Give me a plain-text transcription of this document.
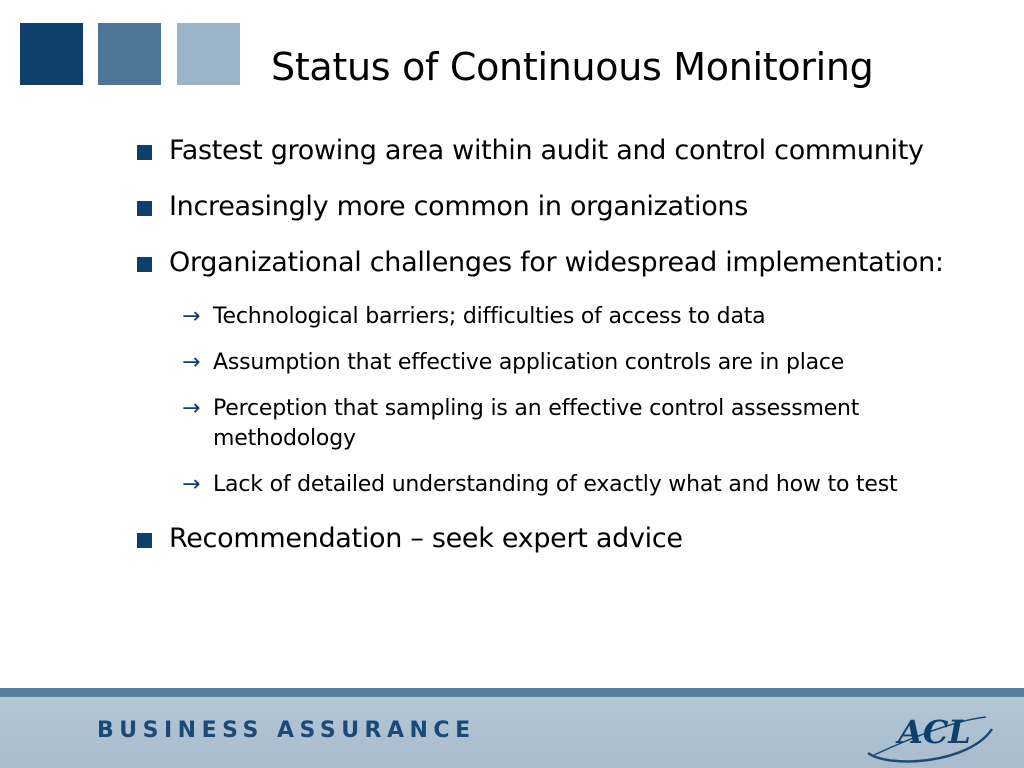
Status of Continuous Monitoring
Fastest growing area within audit and control community
Increasingly more common in organizations
Organizational challenges for widespread implementation:
→ Technological barriers; difficulties of access to data
→ Assumption that effective application controls are in place
→ Perception that sampling is an effective control assessment methodology
→ Lack of detailed understanding of exactly what and how to test
Recommendation – seek expert advice
BUSINESS ASSURANCE	ACL
